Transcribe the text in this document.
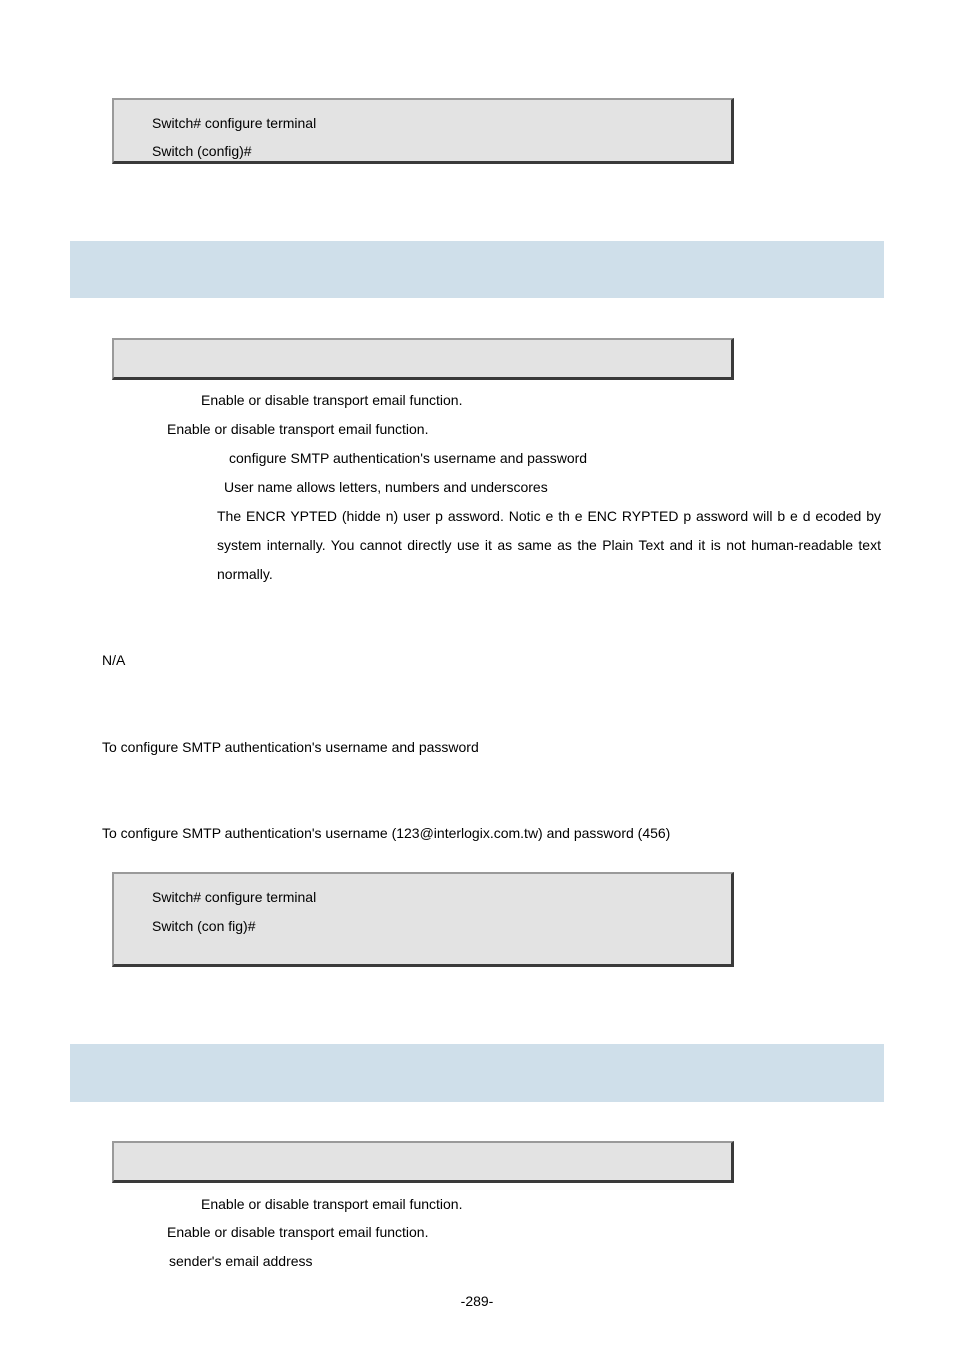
Switch# configure terminal
Switch (config)#
Enable or disable transport email function.
Enable or disable transport email function.
configure SMTP authentication's username and password
User name allows letters, numbers and underscores
The ENCR YPTED (hidde n) user p assword. Notic e th e ENC RYPTED p assword will b e d ecoded by
system internally. You cannot directly use it as same as the Plain Text and it is not human-readable text
normally.
N/A
To configure SMTP authentication's username and password
To configure SMTP authentication's username (123@interlogix.com.tw) and password (456)
Switch# configure terminal
Switch (con fig)#
Enable or disable transport email function.
Enable or disable transport email function.
sender's email address
-289-
